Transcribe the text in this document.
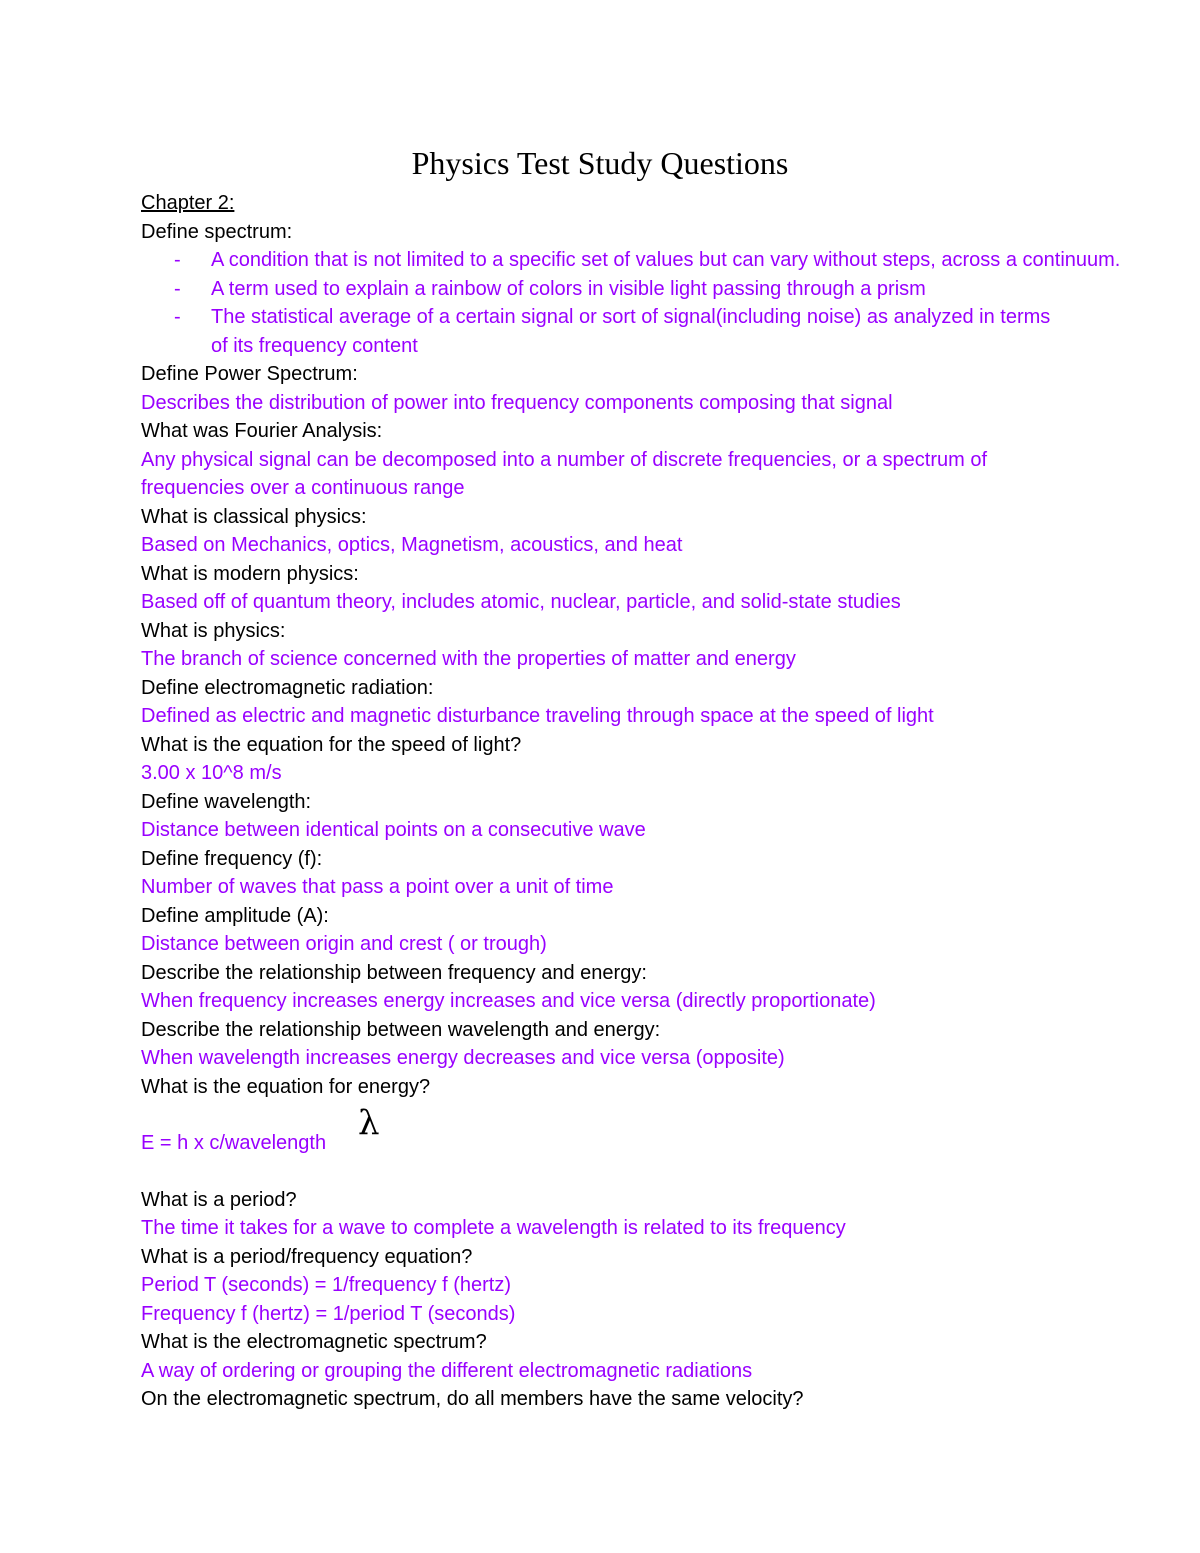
Physics Test Study Questions
Chapter 2:
Define spectrum:
- A condition that is not limited to a specific set of values but can vary without steps, across a continuum.
- A term used to explain a rainbow of colors in visible light passing through a prism
- The statistical average of a certain signal or sort of signal(including noise) as analyzed in terms
of its frequency content
Define Power Spectrum:
Describes the distribution of power into frequency components composing that signal
What was Fourier Analysis:
Any physical signal can be decomposed into a number of discrete frequencies, or a spectrum of
frequencies over a continuous range
What is classical physics:
Based on Mechanics, optics, Magnetism, acoustics, and heat
What is modern physics:
Based off of quantum theory, includes atomic, nuclear, particle, and solid-state studies
What is physics:
The branch of science concerned with the properties of matter and energy
Define electromagnetic radiation:
Defined as electric and magnetic disturbance traveling through space at the speed of light
What is the equation for the speed of light?
3.00 x 10^8 m/s
Define wavelength:
Distance between identical points on a consecutive wave
Define frequency (f):
Number of waves that pass a point over a unit of time
Define amplitude (A):
Distance between origin and crest ( or trough)
Describe the relationship between frequency and energy:
When frequency increases energy increases and vice versa (directly proportionate)
Describe the relationship between wavelength and energy:
When wavelength increases energy decreases and vice versa (opposite)
What is the equation for energy?
E = h x c/wavelength λ
What is a period?
The time it takes for a wave to complete a wavelength is related to its frequency
What is a period/frequency equation?
Period T (seconds) = 1/frequency f (hertz)
Frequency f (hertz) = 1/period T (seconds)
What is the electromagnetic spectrum?
A way of ordering or grouping the different electromagnetic radiations
On the electromagnetic spectrum, do all members have the same velocity?
